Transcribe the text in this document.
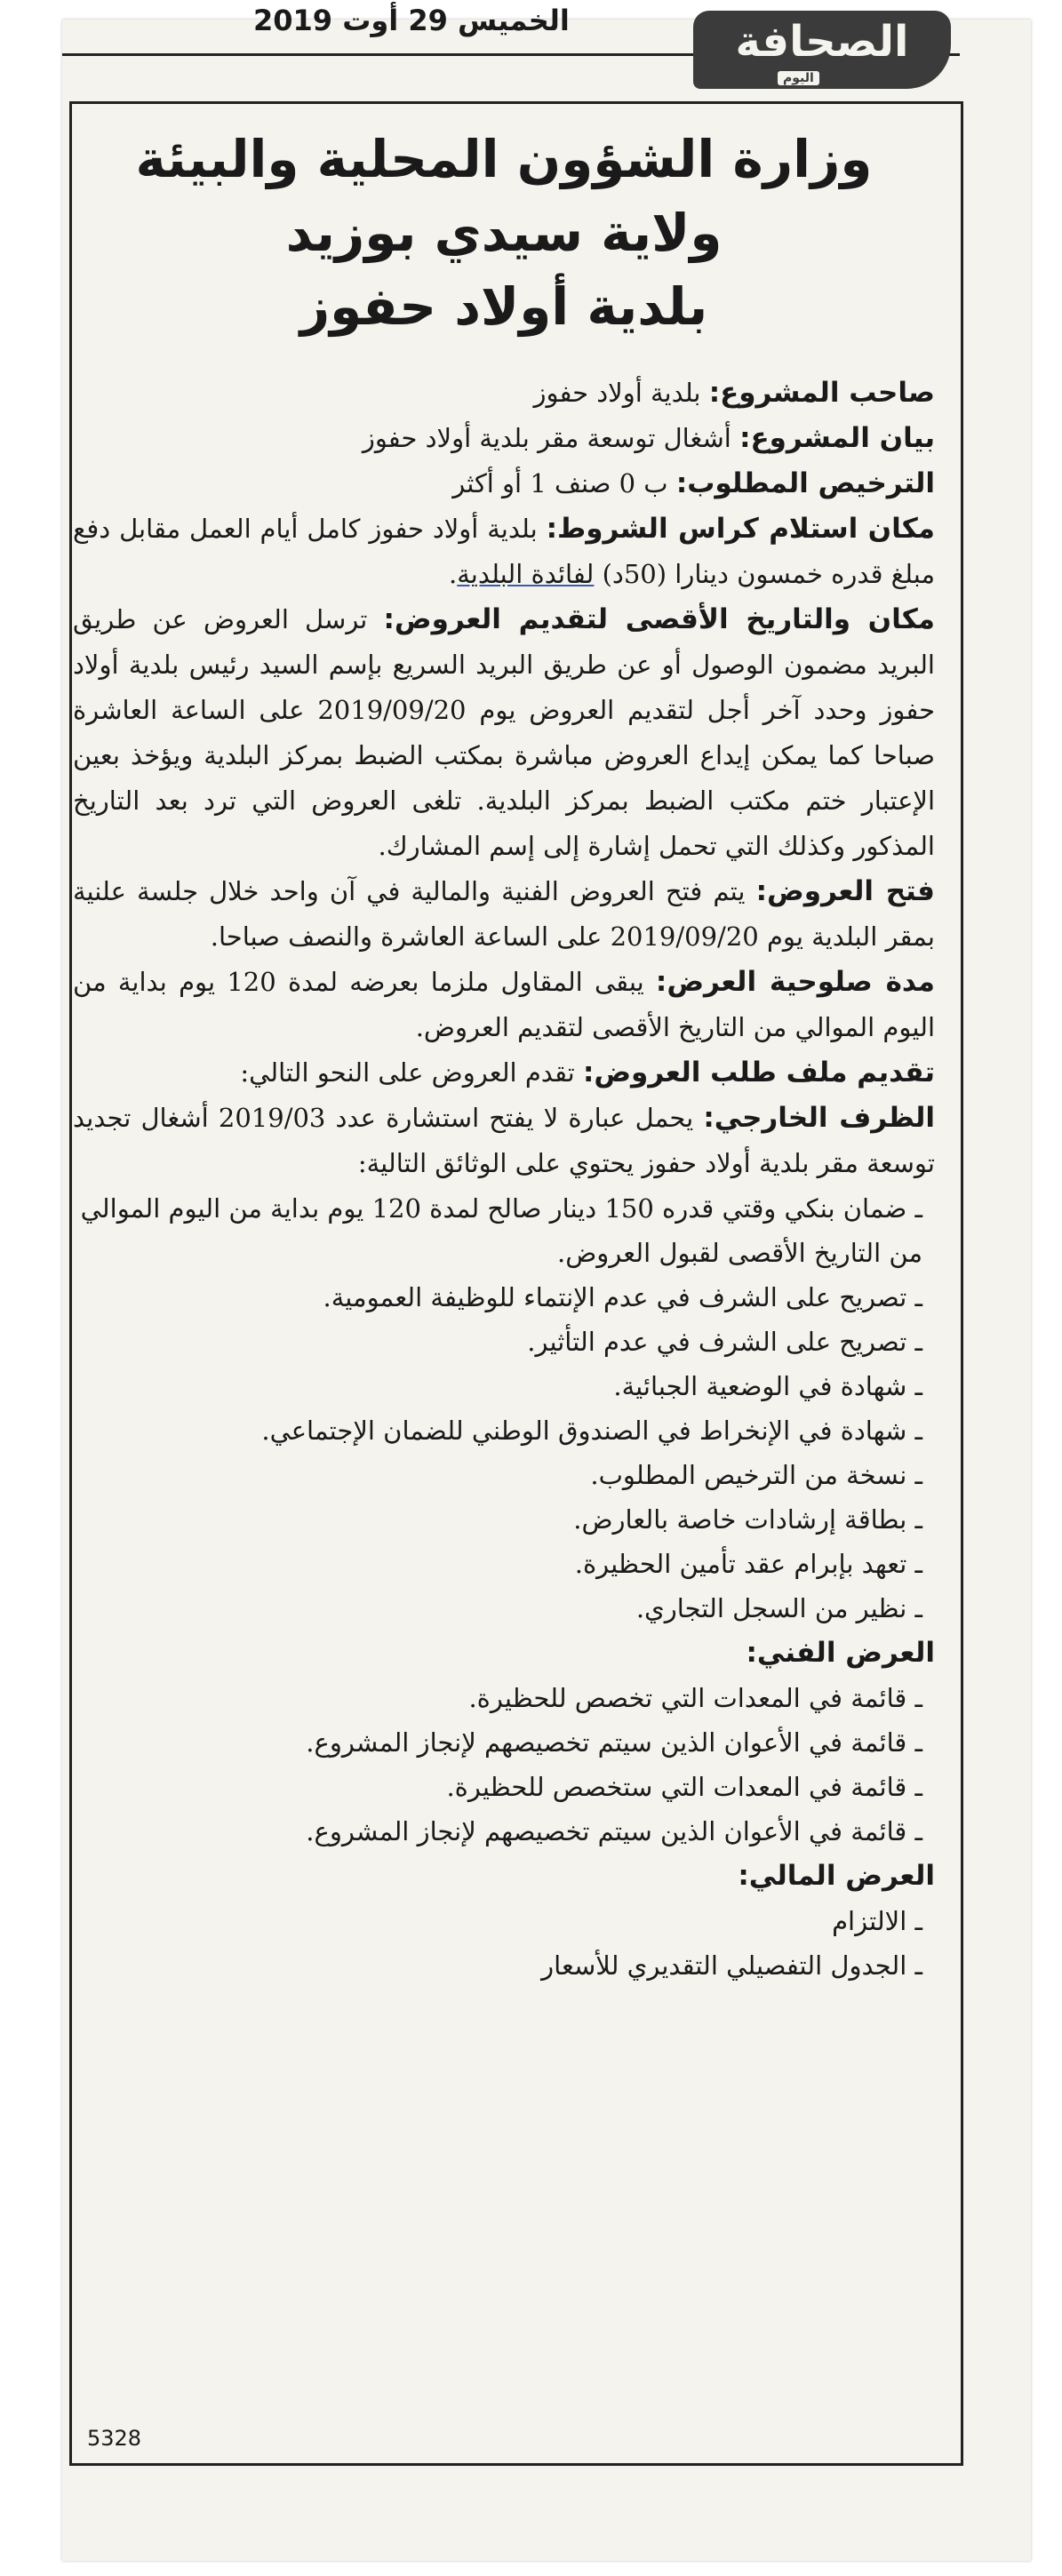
الخميس 29 أوت 2019	الصحافة
اليوم
وزارة الشؤون المحلية والبيئة
ولاية سيدي بوزيد
بلدية أولاد حفوز

صاحب المشروع: بلدية أولاد حفوز

بيان المشروع: أشغال توسعة مقر بلدية أولاد حفوز

الترخيص المطلوب: ب 0 صنف 1 أو أكثر

مكان استلام كراس الشروط: بلدية أولاد حفوز كامل أيام العمل مقابل دفع مبلغ قدره خمسون دينارا (50د) لفائدة البلدية.

مكان والتاريخ الأقصى لتقديم العروض: ترسل العروض عن طريق البريد مضمون الوصول أو عن طريق البريد السريع بإسم السيد رئيس بلدية أولاد حفوز وحدد آخر أجل لتقديم العروض يوم 2019/09/20 على الساعة العاشرة صباحا كما يمكن إيداع العروض مباشرة بمكتب الضبط بمركز البلدية ويؤخذ بعين الإعتبار ختم مكتب الضبط بمركز البلدية. تلغى العروض التي ترد بعد التاريخ المذكور وكذلك التي تحمل إشارة إلى إسم المشارك.

فتح العروض: يتم فتح العروض الفنية والمالية في آن واحد خلال جلسة علنية بمقر البلدية يوم 2019/09/20 على الساعة العاشرة والنصف صباحا.

مدة صلوحية العرض: يبقى المقاول ملزما بعرضه لمدة 120 يوم بداية من اليوم الموالي من التاريخ الأقصى لتقديم العروض.

تقديم ملف طلب العروض: تقدم العروض على النحو التالي:

الظرف الخارجي: يحمل عبارة لا يفتح استشارة عدد 2019/03 أشغال تجديد توسعة مقر بلدية أولاد حفوز يحتوي على الوثائق التالية:

ـ ضمان بنكي وقتي قدره 150 دينار صالح لمدة 120 يوم بداية من اليوم الموالي من التاريخ الأقصى لقبول العروض.

ـ تصريح على الشرف في عدم الإنتماء للوظيفة العمومية.

ـ تصريح على الشرف في عدم التأثير.

ـ شهادة في الوضعية الجبائية.

ـ شهادة في الإنخراط في الصندوق الوطني للضمان الإجتماعي.

ـ نسخة من الترخيص المطلوب.

ـ بطاقة إرشادات خاصة بالعارض.

ـ تعهد بإبرام عقد تأمين الحظيرة.

ـ نظير من السجل التجاري.

العرض الفني:

ـ قائمة في المعدات التي تخصص للحظيرة.

ـ قائمة في الأعوان الذين سيتم تخصيصهم لإنجاز المشروع.

ـ قائمة في المعدات التي ستخصص للحظيرة.

ـ قائمة في الأعوان الذين سيتم تخصيصهم لإنجاز المشروع.

العرض المالي:

ـ الالتزام

ـ الجدول التفصيلي التقديري للأسعار

5328
